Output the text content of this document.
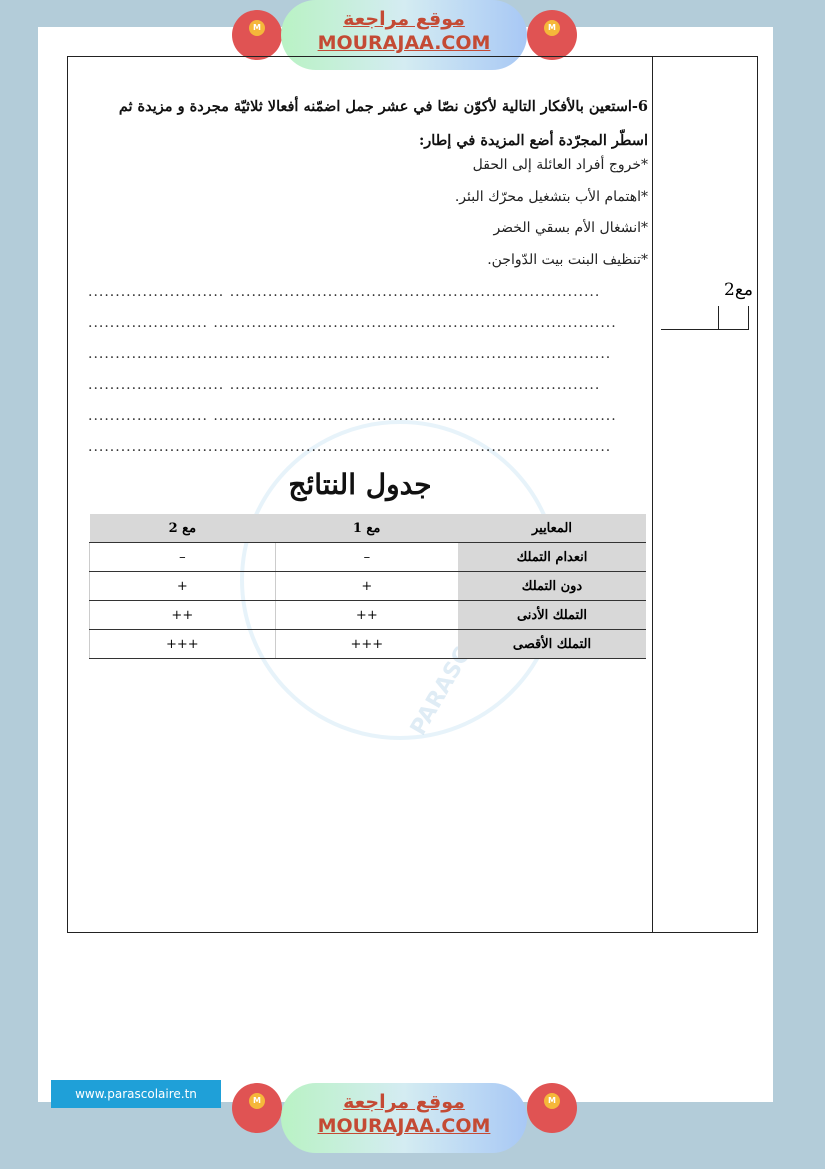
M	موقع مراجعة
MOURAJAA.COM
M
مع2
6-استعين بالأفكار التالية لأكوّن نصّا في عشر جمل اضمّنه أفعالا ثلاثيّة مجردة و مزيدة ثم اسطّر المجرّدة أضع المزيدة في إطار:
*خروج أفراد العائلة إلى الحقل
*اهتمام الأب بتشغيل محرّك البئر.
*انشغال الأم بسقي الخضر
*تنظيف البنت بيت الدّواجن.
......................... ....................................................................
...................... ..........................................................................
................................................................................................
......................... ....................................................................
...................... ..........................................................................
................................................................................................
جدول النتائج
المعايير	مع 1	مع 2
انعدام التملك	–	–
دون التملك	+	+
التملك الأدنى	++	++
التملك الأقصى	+++	+++
www.parascolaire.tn	M	موقع مراجعة
MOURAJAA.COM
M
